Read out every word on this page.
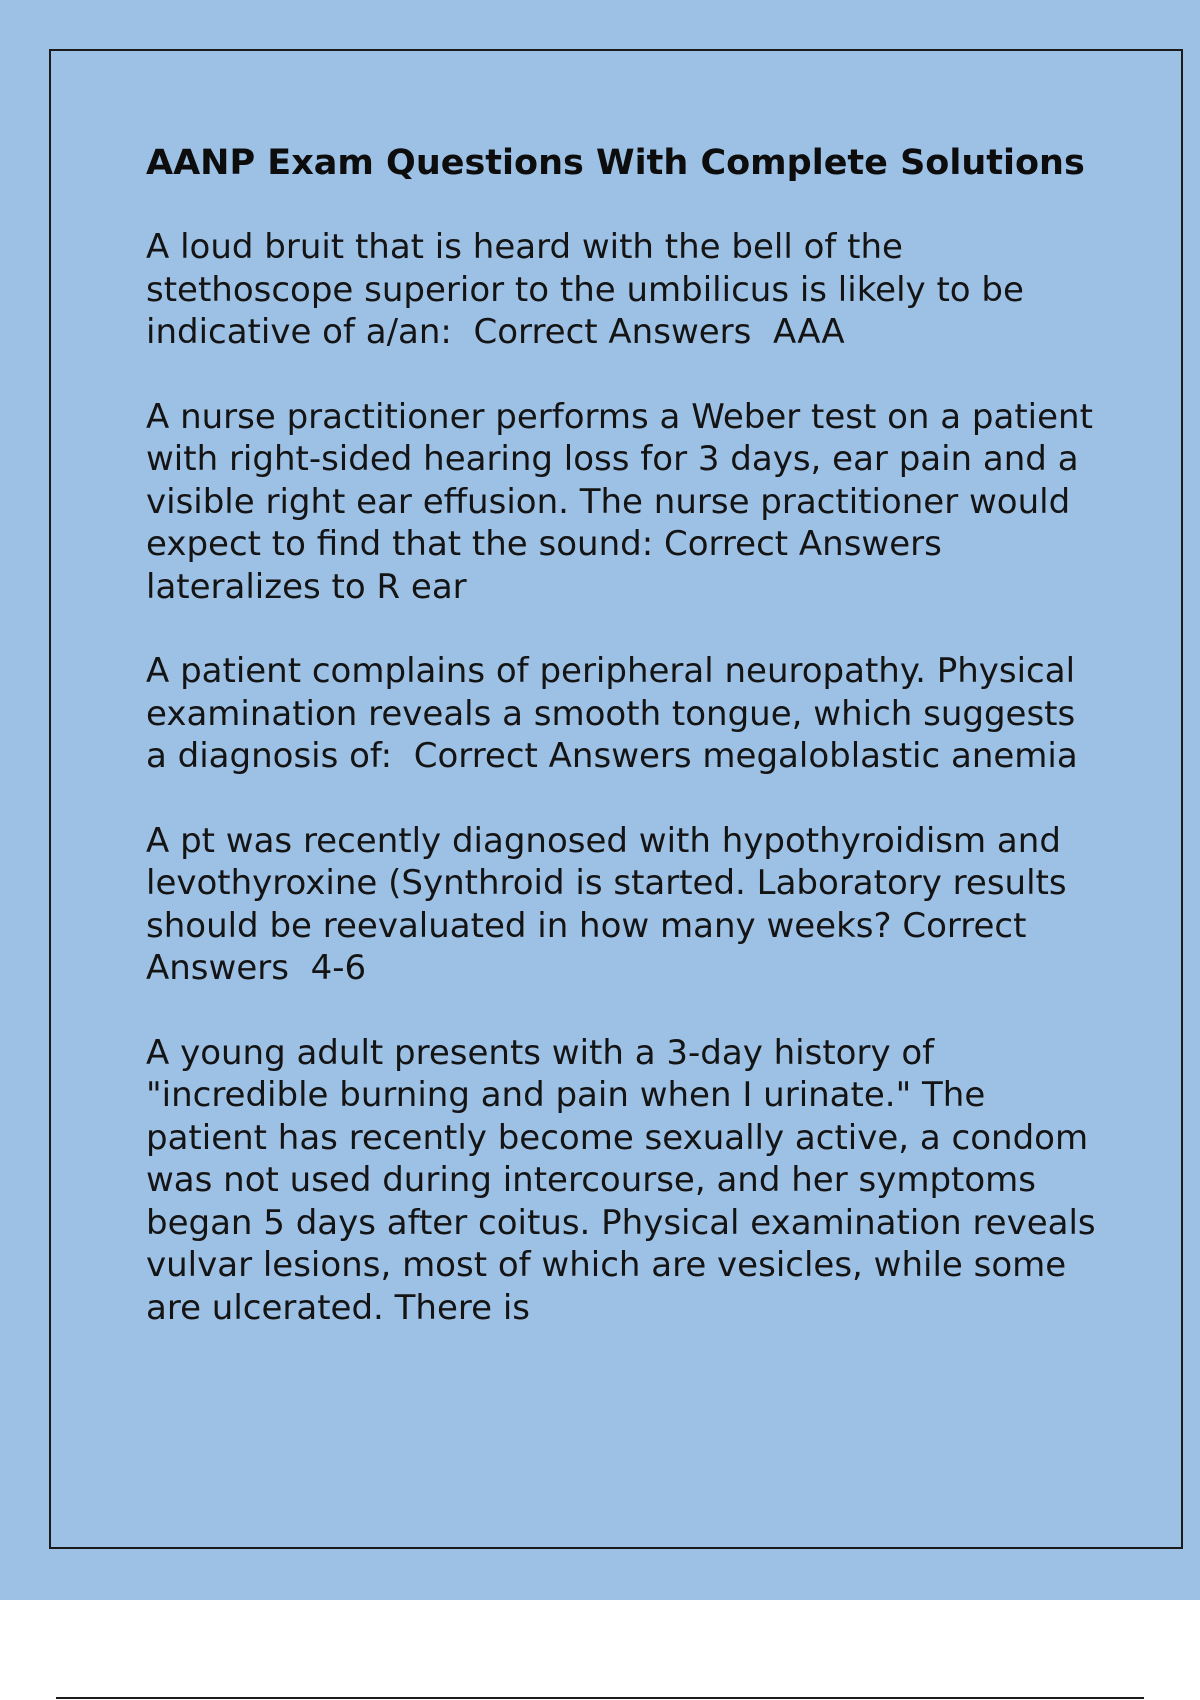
AANP Exam Questions With Complete Solutions

A loud bruit that is heard with the bell of the stethoscope superior to the umbilicus is likely to be indicative of a/an: Correct Answers AAA

A nurse practitioner performs a Weber test on a patient with right-sided hearing loss for 3 days, ear pain and a visible right ear effusion. The nurse practitioner would expect to find that the sound: Correct Answers  lateralizes to R ear

A patient complains of peripheral neuropathy. Physical examination reveals a smooth tongue, which suggests a diagnosis of: Correct Answers megaloblastic anemia

A pt was recently diagnosed with hypothyroidism and levothyroxine (Synthroid is started. Laboratory results should be reevaluated in how many weeks? Correct Answers 4-6

A young adult presents with a 3-day history of "incredible burning and pain when I urinate." The patient has recently become sexually active, a condom was not used during intercourse, and her symptoms began 5 days after coitus. Physical examination reveals vulvar lesions, most of which are vesicles, while some are ulcerated. There is
